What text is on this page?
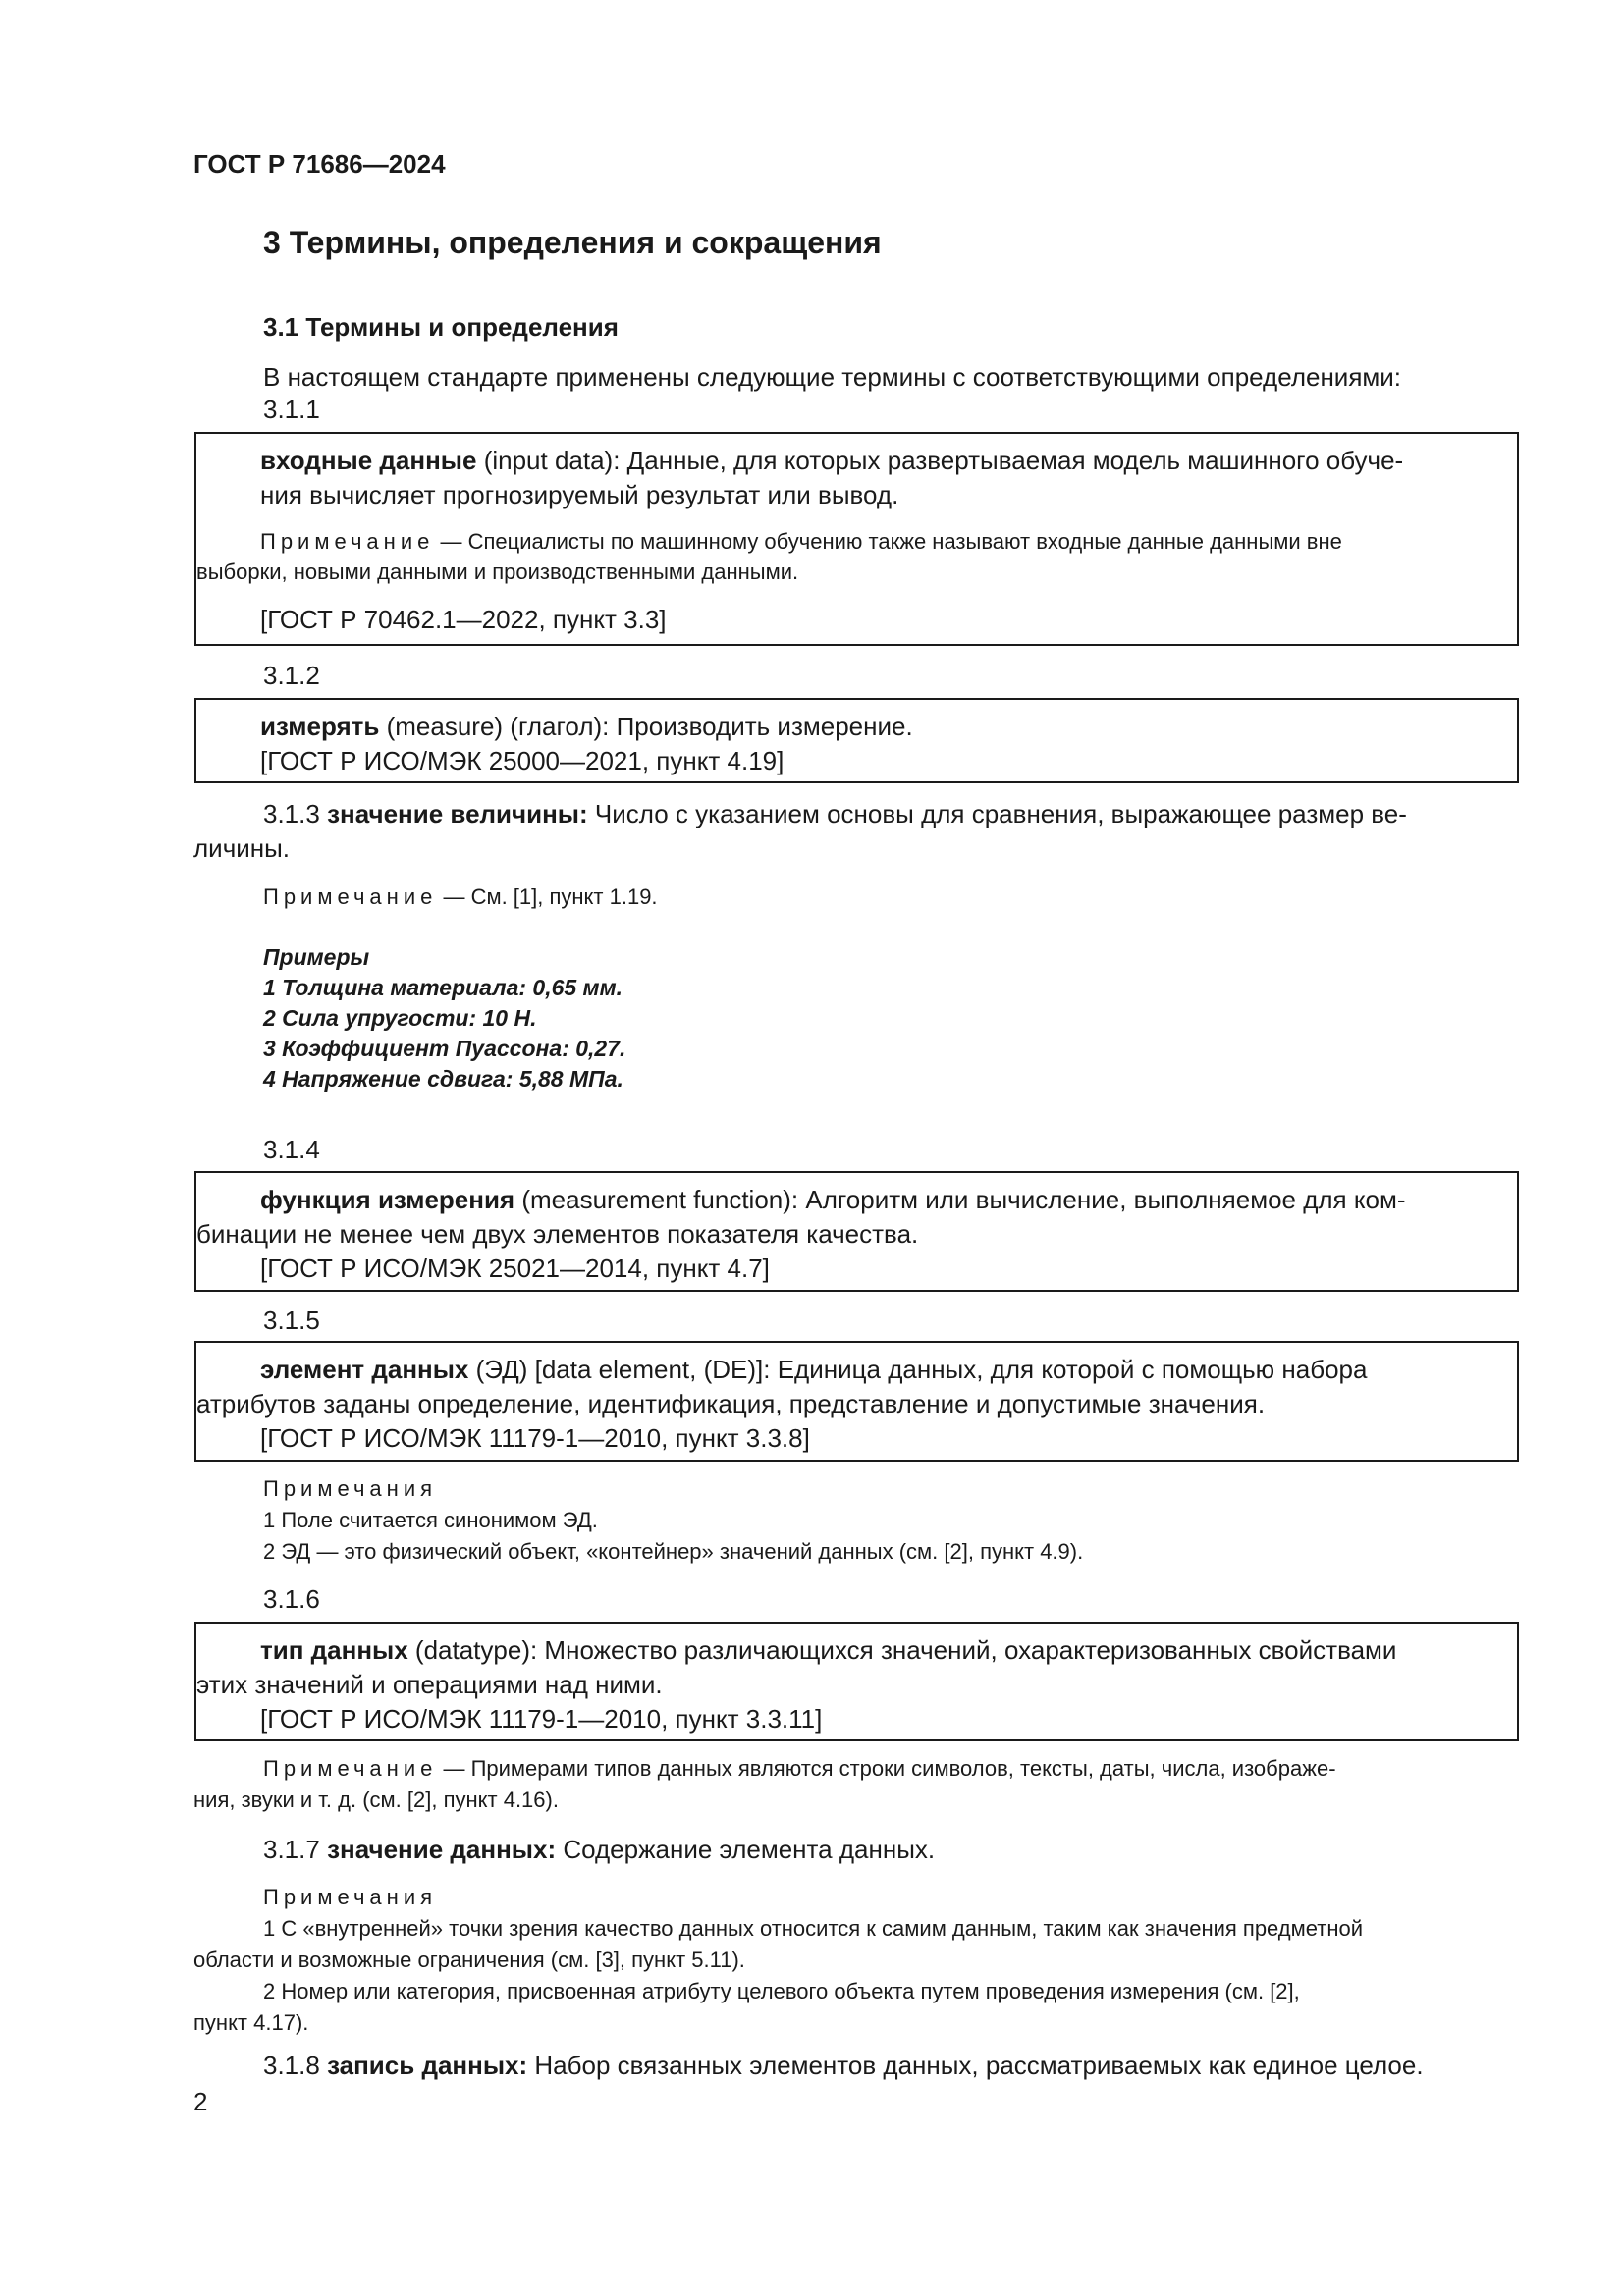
ГОСТ Р 71686—2024
3 Термины, определения и сокращения
3.1 Термины и определения
В настоящем стандарте применены следующие термины с соответствующими определениями:
3.1.1

входные данные (input data): Данные, для которых развертываемая модель машинного обуче-

ния вычисляет прогнозируемый результат или вывод.

Примечание — Специалисты по машинному обучению также называют входные данные данными вне
выборки, новыми данными и производственными данными.

[ГОСТ Р 70462.1—2022, пункт 3.3]

3.1.2

измерять (measure) (глагол): Производить измерение.

[ГОСТ Р ИСО/МЭК 25000—2021, пункт 4.19]

3.1.3 значение величины: Число с указанием основы для сравнения, выражающее размер ве-
личины.
Примечание — См. [1], пункт 1.19.
Примеры
1 Толщина материала: 0,65 мм.
2 Сила упругости: 10 Н.
3 Коэффициент Пуассона: 0,27.
4 Напряжение сдвига: 5,88 МПа.
3.1.4

функция измерения (measurement function): Алгоритм или вычисление, выполняемое для ком-

бинации не менее чем двух элементов показателя качества.

[ГОСТ Р ИСО/МЭК 25021—2014, пункт 4.7]

3.1.5

элемент данных (ЭД) [data element, (DE)]: Единица данных, для которой с помощью набора

атрибутов заданы определение, идентификация, представление и допустимые значения.

[ГОСТ Р ИСО/МЭК 11179-1—2010, пункт 3.3.8]

Примечания
1 Поле считается синонимом ЭД.
2 ЭД — это физический объект, «контейнер» значений данных (см. [2], пункт 4.9).
3.1.6

тип данных (datatype): Множество различающихся значений, охарактеризованных свойствами

этих значений и операциями над ними.

[ГОСТ Р ИСО/МЭК 11179-1—2010, пункт 3.3.11]

Примечание — Примерами типов данных являются строки символов, тексты, даты, числа, изображе-
ния, звуки и т. д. (см. [2], пункт 4.16).
3.1.7 значение данных: Содержание элемента данных.
Примечания
1 С «внутренней» точки зрения качество данных относится к самим данным, таким как значения предметной
области и возможные ограничения (см. [3], пункт 5.11).
2 Номер или категория, присвоенная атрибуту целевого объекта путем проведения измерения (см. [2],
пункт 4.17).
3.1.8 запись данных: Набор связанных элементов данных, рассматриваемых как единое целое.
2
